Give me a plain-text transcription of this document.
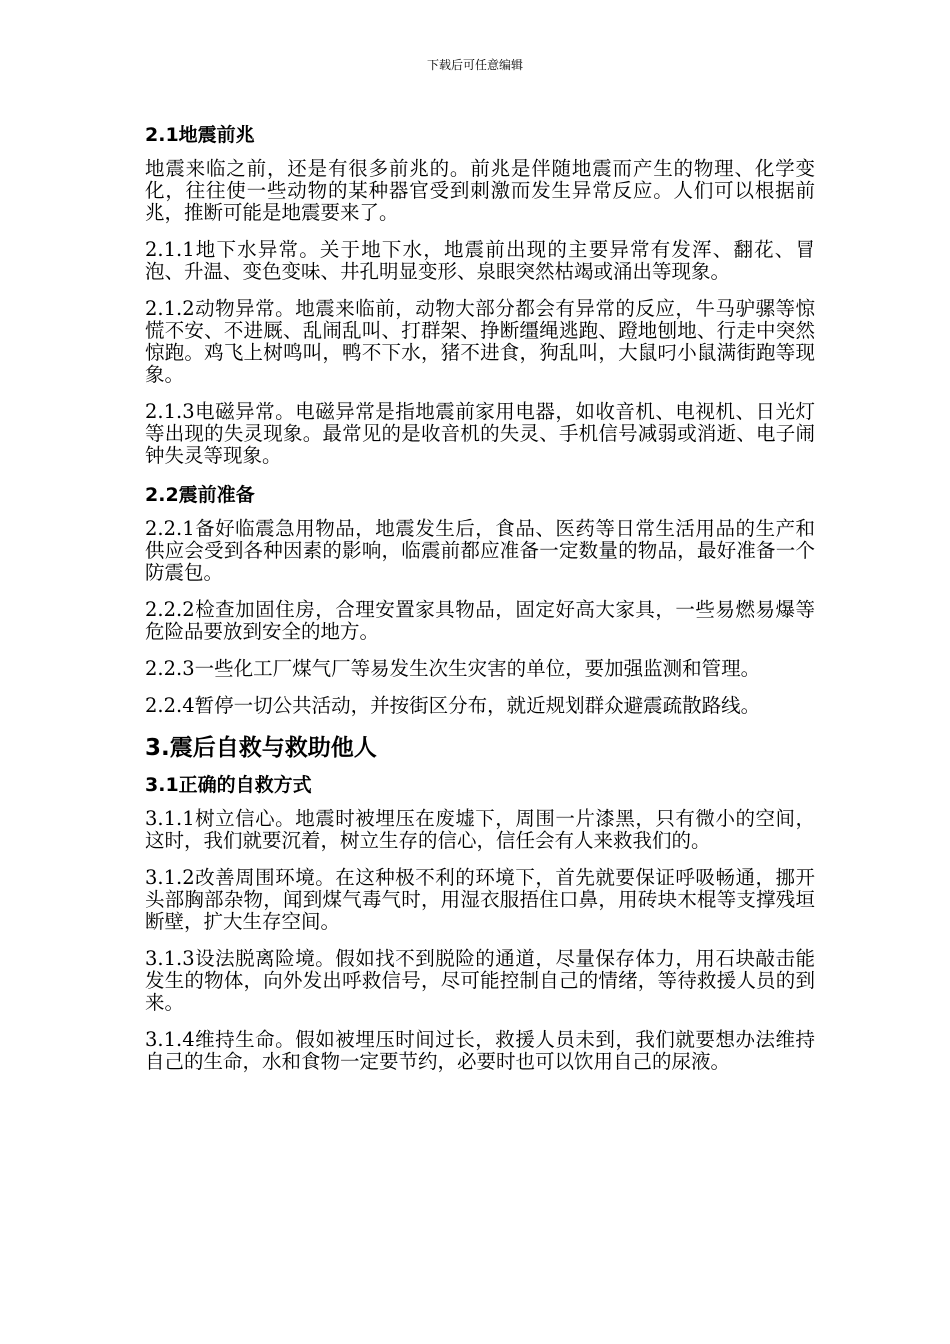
下载后可任意编辑
2.1地震前兆
地震来临之前，还是有很多前兆的。前兆是伴随地震而产生的物理、化学变化，往往使一些动物的某种器官受到刺激而发生异常反应。人们可以根据前兆，推断可能是地震要来了。
2.1.1地下水异常。关于地下水，地震前出现的主要异常有发浑、翻花、冒泡、升温、变色变味、井孔明显变形、泉眼突然枯竭或涌出等现象。
2.1.2动物异常。地震来临前，动物大部分都会有异常的反应，牛马驴骡等惊慌不安、不进厩、乱闹乱叫、打群架、挣断缰绳逃跑、蹬地刨地、行走中突然惊跑。鸡飞上树鸣叫，鸭不下水，猪不进食，狗乱叫，大鼠叼小鼠满街跑等现象。
2.1.3电磁异常。电磁异常是指地震前家用电器，如收音机、电视机、日光灯等出现的失灵现象。最常见的是收音机的失灵、手机信号减弱或消逝、电子闹钟失灵等现象。
2.2震前准备
2.2.1备好临震急用物品，地震发生后，食品、医药等日常生活用品的生产和供应会受到各种因素的影响，临震前都应准备一定数量的物品，最好准备一个防震包。
2.2.2检查加固住房，合理安置家具物品，固定好高大家具，一些易燃易爆等危险品要放到安全的地方。
2.2.3一些化工厂煤气厂等易发生次生灾害的单位，要加强监测和管理。
2.2.4暂停一切公共活动，并按街区分布，就近规划群众避震疏散路线。
3.震后自救与救助他人
3.1正确的自救方式
3.1.1树立信心。地震时被埋压在废墟下，周围一片漆黑，只有微小的空间，这时，我们就要沉着，树立生存的信心，信任会有人来救我们的。
3.1.2改善周围环境。在这种极不利的环境下，首先就要保证呼吸畅通，挪开头部胸部杂物，闻到煤气毒气时，用湿衣服捂住口鼻，用砖块木棍等支撑残垣断壁，扩大生存空间。
3.1.3设法脱离险境。假如找不到脱险的通道，尽量保存体力，用石块敲击能发生的物体，向外发出呼救信号，尽可能控制自己的情绪，等待救援人员的到来。
3.1.4维持生命。假如被埋压时间过长，救援人员未到，我们就要想办法维持自己的生命，水和食物一定要节约，必要时也可以饮用自己的尿液。
